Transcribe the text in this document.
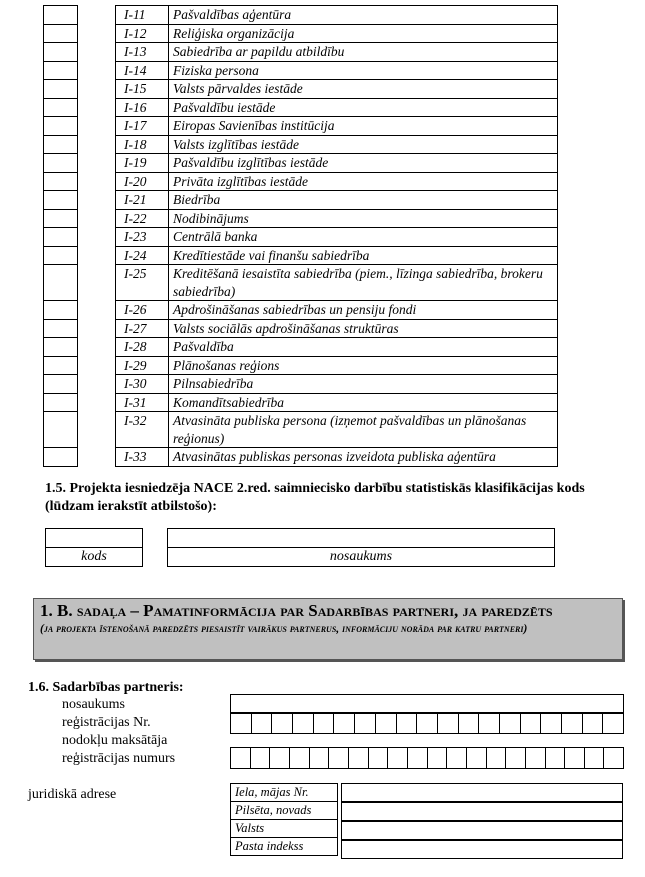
		I-11	Pašvaldības aģentūra
		I-12	Reliģiska organizācija
		I-13	Sabiedrība ar papildu atbildību
		I-14	Fiziska persona
		I-15	Valsts pārvaldes iestāde
		I-16	Pašvaldību iestāde
		I-17	Eiropas Savienības institūcija
		I-18	Valsts izglītības iestāde
		I-19	Pašvaldību izglītības iestāde
		I-20	Privāta izglītības iestāde
		I-21	Biedrība
		I-22	Nodibinājums
		I-23	Centrālā banka
		I-24	Kredītiestāde vai finanšu sabiedrība
		I-25	Kreditēšanā iesaistīta sabiedrība (piem., līzinga sabiedrība, brokeru sabiedrība)
		I-26	Apdrošināšanas sabiedrības un pensiju fondi
		I-27	Valsts sociālās apdrošināšanas struktūras
		I-28	Pašvaldība
		I-29	Plānošanas reģions
		I-30	Pilnsabiedrība
		I-31	Komandītsabiedrība
		I-32	Atvasināta publiska persona (izņemot pašvaldības un plānošanas reģionus)
		I-33	Atvasinātas publiskas personas izveidota publiska aģentūra
1.5. Projekta iesniedzēja NACE 2.red. saimniecisko darbību statistiskās klasifikācijas kods (lūdzam ierakstīt atbilstošo):
kods	nosaukums
1. B. sadaļa – Pamatinformācija par Sadarbības partneri, ja paredzēts
(ja projekta īstenošanā paredzēts piesaistīt vairākus partnerus, informāciju norāda par katru partneri)
1.6. Sadarbības partneris:
nosaukums
reģistrācijas Nr.
nodokļu maksātāja
reģistrācijas numurs
juridiskā adrese	Iela, mājas Nr.
Pilsēta, novads
Valsts
Pasta indekss
